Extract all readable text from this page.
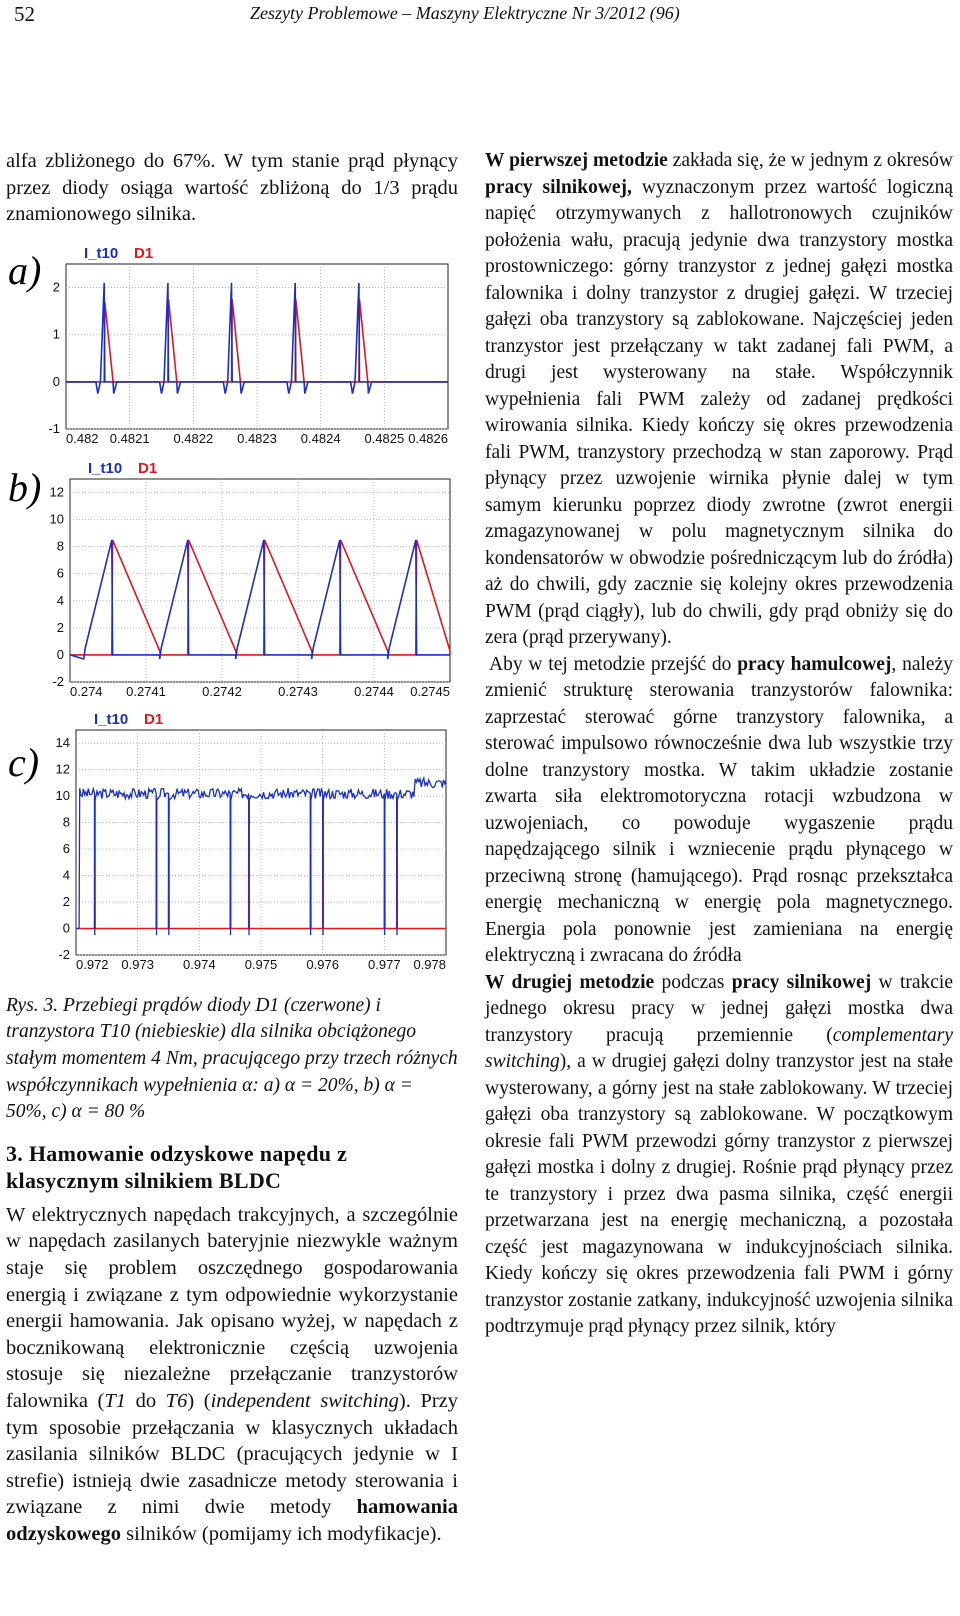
52	Zeszyty Problemowe – Maszyny Elektryczne Nr 3/2012 (96)

alfa zbliżonego do 67%. W tym stanie prąd płynący przez diody osiąga wartość zbliżoną do 1/3 prądu znamionowego silnika.

a)	I_t10 D1
-1
0
1
2
0.482 0.4821 0.4822 0.4823 0.4824 0.4825 0.4826
b)	I_t10 D1
-2
0
2
4
6
8
10
12
0.274 0.2741	0.2742	0.2743	0.2744 0.2745
c)
I_t10 D1
-2
0
2
4
6
8
10
12
14
0.972 0.973 0.974 0.975 0.976 0.977 0.978

Rys. 3. Przebiegi prądów diody D1 (czerwone) i tranzystora T10 (niebieskie) dla silnika obciążonego stałym momentem 4 Nm, pracującego przy trzech różnych współczynnikach wypełnienia α: a) α = 20%, b) α = 50%, c) α = 80 %

3. Hamowanie odzyskowe napędu z klasycznym silnikiem BLDC

W elektrycznych napędach trakcyjnych, a szczególnie w napędach zasilanych bateryjnie niezwykle ważnym staje się problem oszczędnego gospodarowania energią i związane z tym odpowiednie wykorzystanie energii hamowania. Jak opisano wyżej, w napędach z bocznikowaną elektronicznie częścią uzwojenia stosuje się niezależne przełączanie tranzystorów falownika (T1 do T6) (independent switching). Przy tym sposobie przełączania w klasycznych układach zasilania silników BLDC (pracujących jedynie w I strefie) istnieją dwie zasadnicze metody sterowania i związane z nimi dwie metody hamowania odzyskowego silników (pomijamy ich modyfikacje).

W pierwszej metodzie zakłada się, że w jednym z okresów pracy silnikowej, wyznaczonym przez wartość logiczną napięć otrzymywanych z hallotronowych czujników położenia wału, pracują jedynie dwa tranzystory mostka prostowniczego: górny tranzystor z jednej gałęzi mostka falownika i dolny tranzystor z drugiej gałęzi. W trzeciej gałęzi oba tranzystory są zablokowane. Najczęściej jeden tranzystor jest przełączany w takt zadanej fali PWM, a drugi jest wysterowany na stałe. Współczynnik wypełnienia fali PWM zależy od zadanej prędkości wirowania silnika. Kiedy kończy się okres przewodzenia fali PWM, tranzystory przechodzą w stan zaporowy. Prąd płynący przez uzwojenie wirnika płynie dalej w tym samym kierunku poprzez diody zwrotne (zwrot energii zmagazynowanej w polu magnetycznym silnika do kondensatorów w obwodzie pośredniczącym lub do źródła) aż do chwili, gdy zacznie się kolejny okres przewodzenia PWM (prąd ciągły), lub do chwili, gdy prąd obniży się do zera (prąd przerywany).

Aby w tej metodzie przejść do pracy hamulcowej, należy zmienić strukturę sterowania tranzystorów falownika: zaprzestać sterować górne tranzystory falownika, a sterować impulsowo równocześnie dwa lub wszystkie trzy dolne tranzystory mostka. W takim układzie zostanie zwarta siła elektromotoryczna rotacji wzbudzona w uzwojeniach, co powoduje wygaszenie prądu napędzającego silnik i wzniecenie prądu płynącego w przeciwną stronę (hamującego). Prąd rosnąc przekształca energię mechaniczną w energię pola magnetycznego. Energia pola ponownie jest zamieniana na energię elektryczną i zwracana do źródła

W drugiej metodzie podczas pracy silnikowej w trakcie jednego okresu pracy w jednej gałęzi mostka dwa tranzystory pracują przemiennie (complementary switching), a w drugiej gałęzi dolny tranzystor jest na stałe wysterowany, a górny jest na stałe zablokowany. W trzeciej gałęzi oba tranzystory są zablokowane. W początkowym okresie fali PWM przewodzi górny tranzystor z pierwszej gałęzi mostka i dolny z drugiej. Rośnie prąd płynący przez te tranzystory i przez dwa pasma silnika, część energii przetwarzana jest na energię mechaniczną, a pozostała część jest magazynowana w indukcyjnościach silnika. Kiedy kończy się okres przewodzenia fali PWM i górny tranzystor zostanie zatkany, indukcyjność uzwojenia silnika podtrzymuje prąd płynący przez silnik, który
